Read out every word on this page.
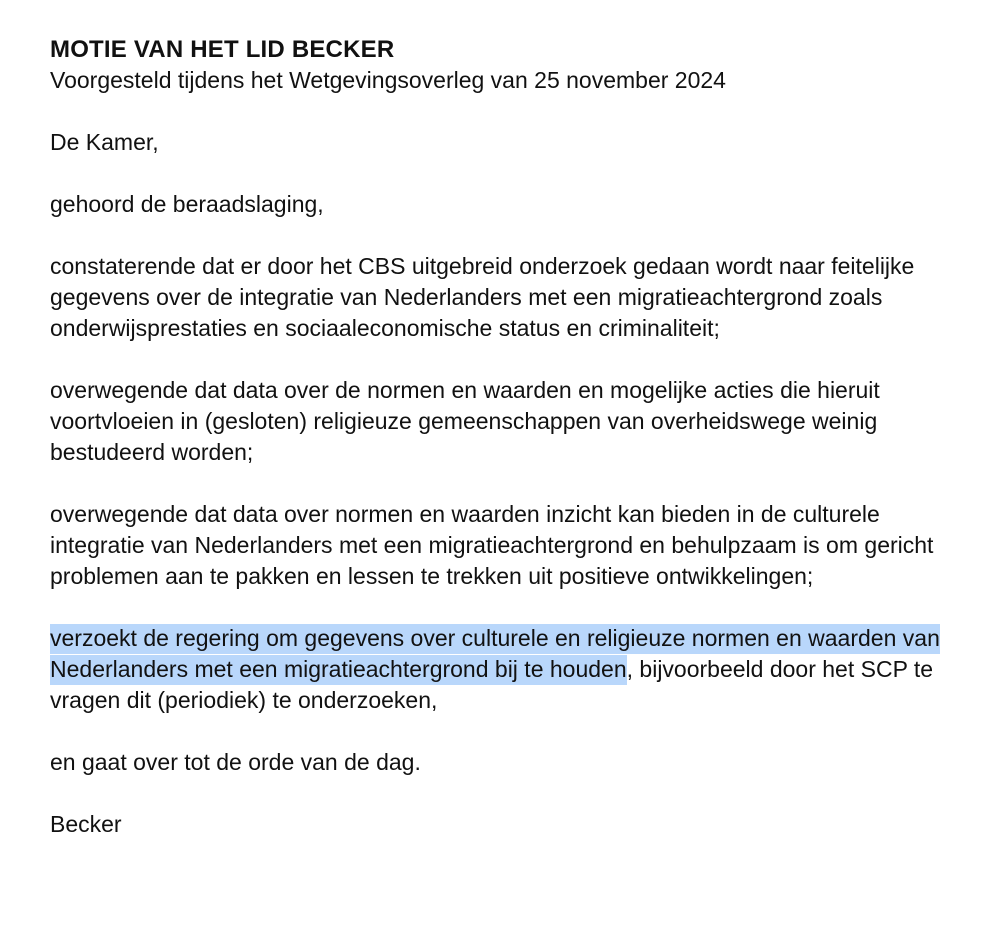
MOTIE VAN HET LID BECKER
Voorgesteld tijdens het Wetgevingsoverleg van 25 november 2024
De Kamer,
gehoord de beraadslaging,
constaterende dat er door het CBS uitgebreid onderzoek gedaan wordt naar feitelijke gegevens over de integratie van Nederlanders met een migratieachtergrond zoals onderwijsprestaties en sociaaleconomische status en criminaliteit;
overwegende dat data over de normen en waarden en mogelijke acties die hieruit voortvloeien in (gesloten) religieuze gemeenschappen van overheidswege weinig bestudeerd worden;
overwegende dat data over normen en waarden inzicht kan bieden in de culturele integratie van Nederlanders met een migratieachtergrond en behulpzaam is om gericht problemen aan te pakken en lessen te trekken uit positieve ontwikkelingen;
verzoekt de regering om gegevens over culturele en religieuze normen en waarden van Nederlanders met een migratieachtergrond bij te houden, bijvoorbeeld door het SCP te vragen dit (periodiek) te onderzoeken,
en gaat over tot de orde van de dag.
Becker
